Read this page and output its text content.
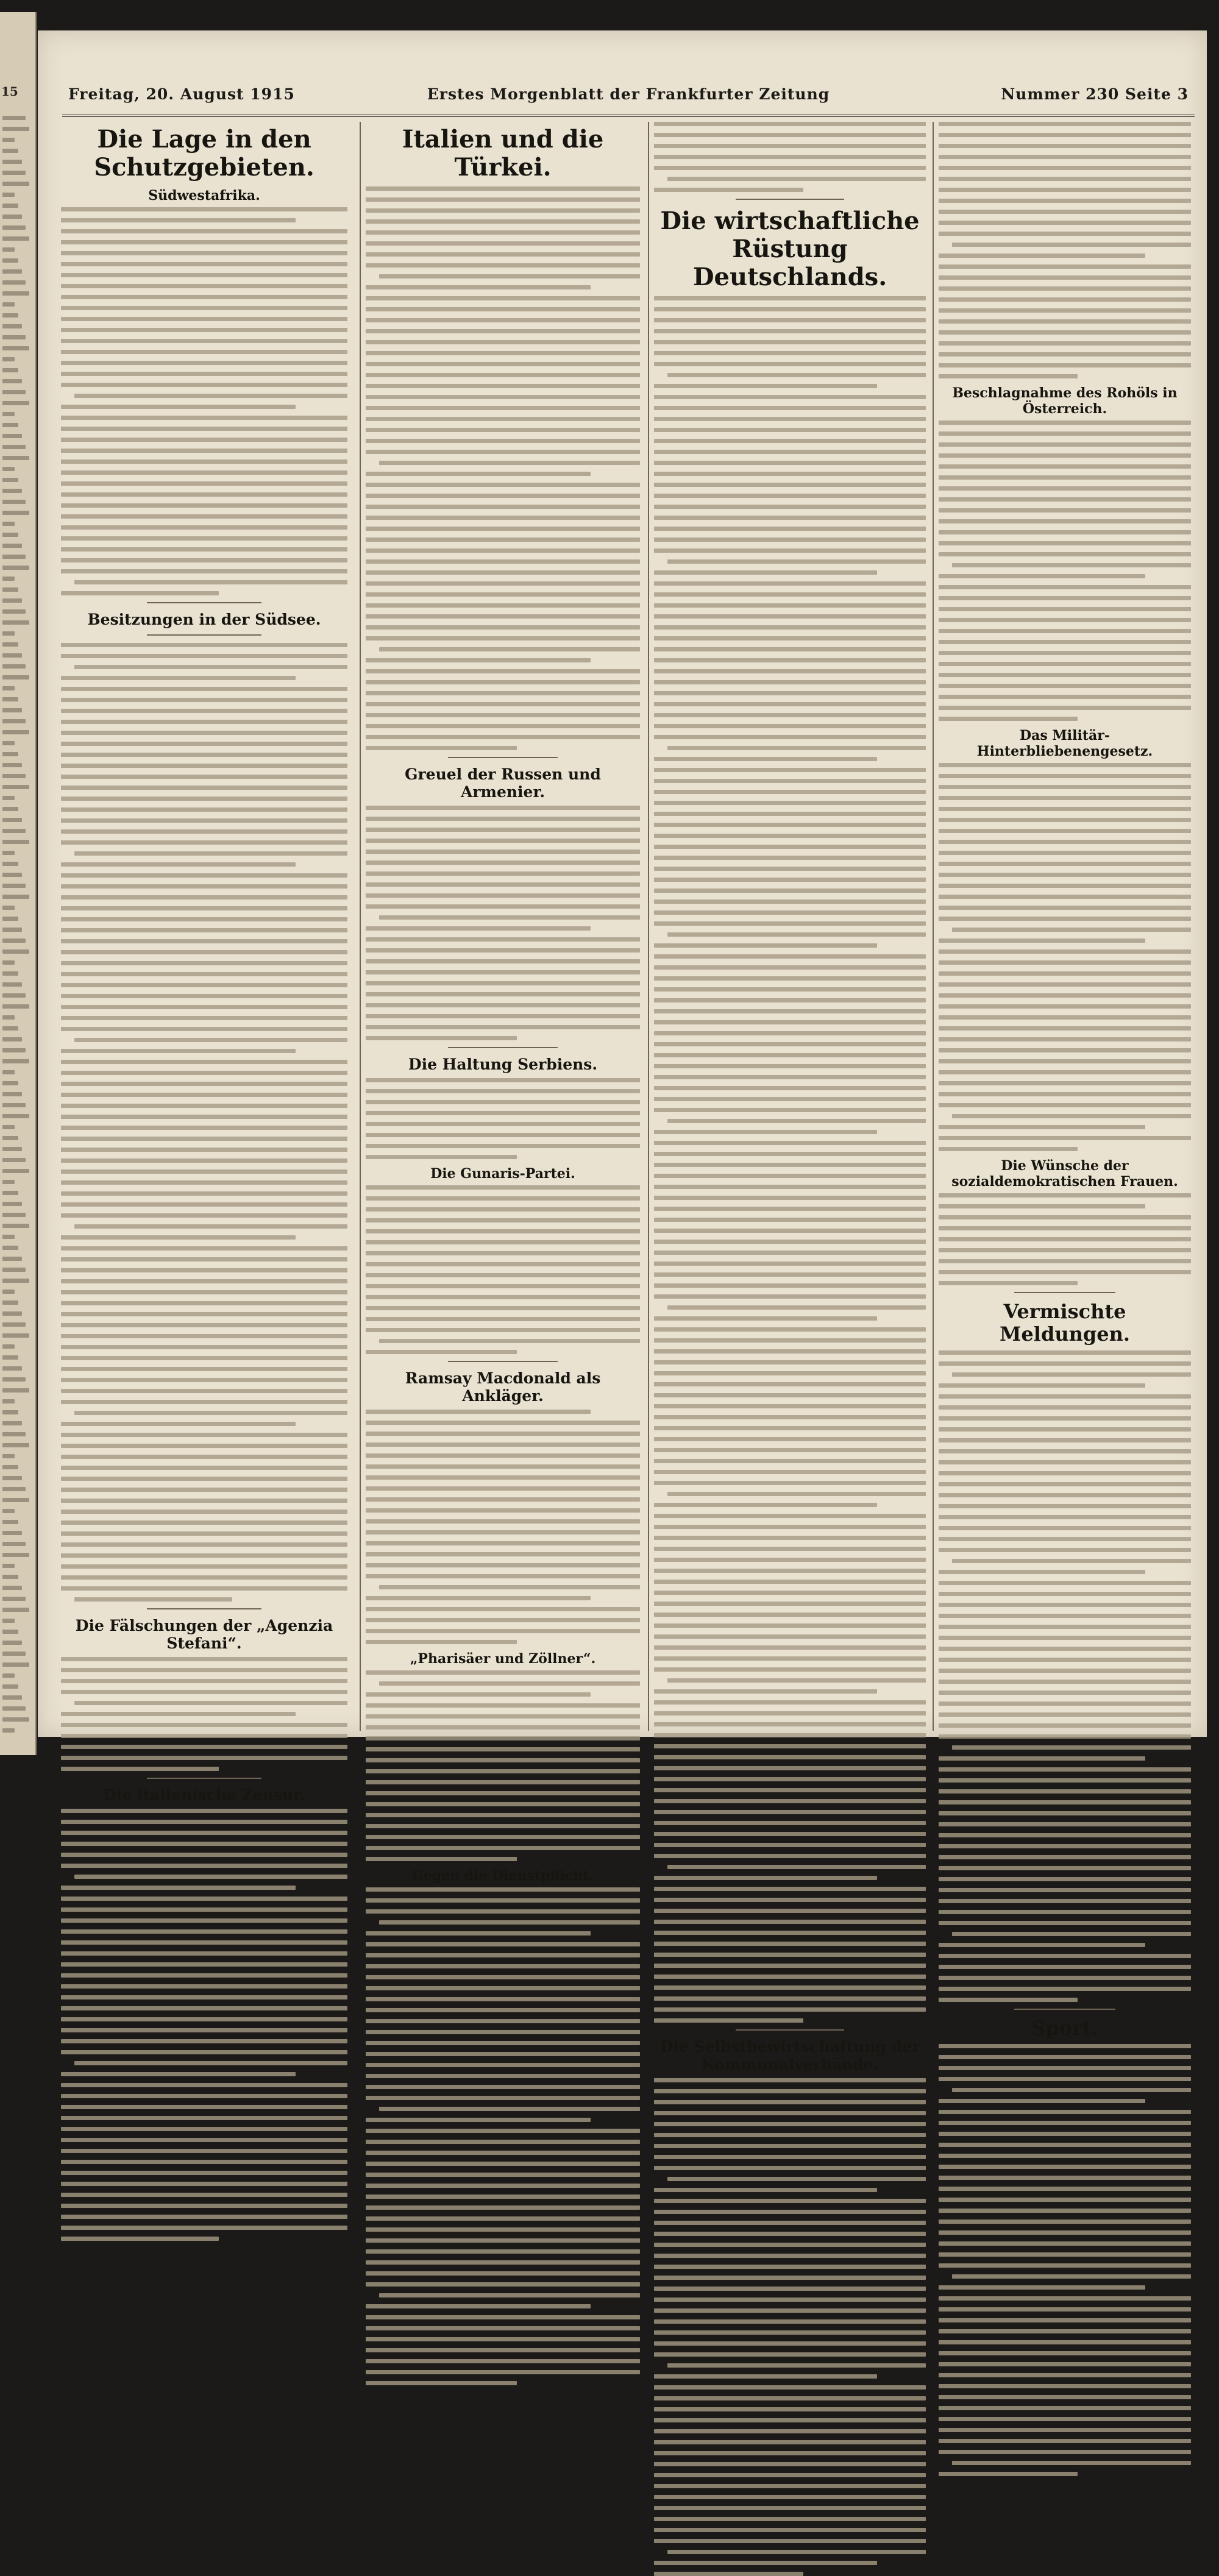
15	Freitag, 20. August 1915	Erstes Morgenblatt der Frankfurter Zeitung	Nummer 230 Seite 3
Die Lage in den Schutzgebieten.
Südwestafrika.
Besitzungen in der Südsee.
Die Fälschungen der „Agenzia Stefani“.
Die italienische Zensur.
Italien und die Türkei.
Greuel der Russen und Armenier.
Die Haltung Serbiens.
Die Gunaris-Partei.
Ramsay Macdonald als Ankläger.
„Pharisäer und Zöllner“.
Gegen die Dienstpflicht.
Die wirtschaftliche Rüstung Deutschlands.
Die Selbstbewirtschaftung der Kommunalverbände.
Beschlagnahme des Rohöls in Österreich.
Das Militär-Hinterbliebenengesetz.
Die Wünsche der sozialdemokratischen Frauen.
Vermischte Meldungen.
Sport.
